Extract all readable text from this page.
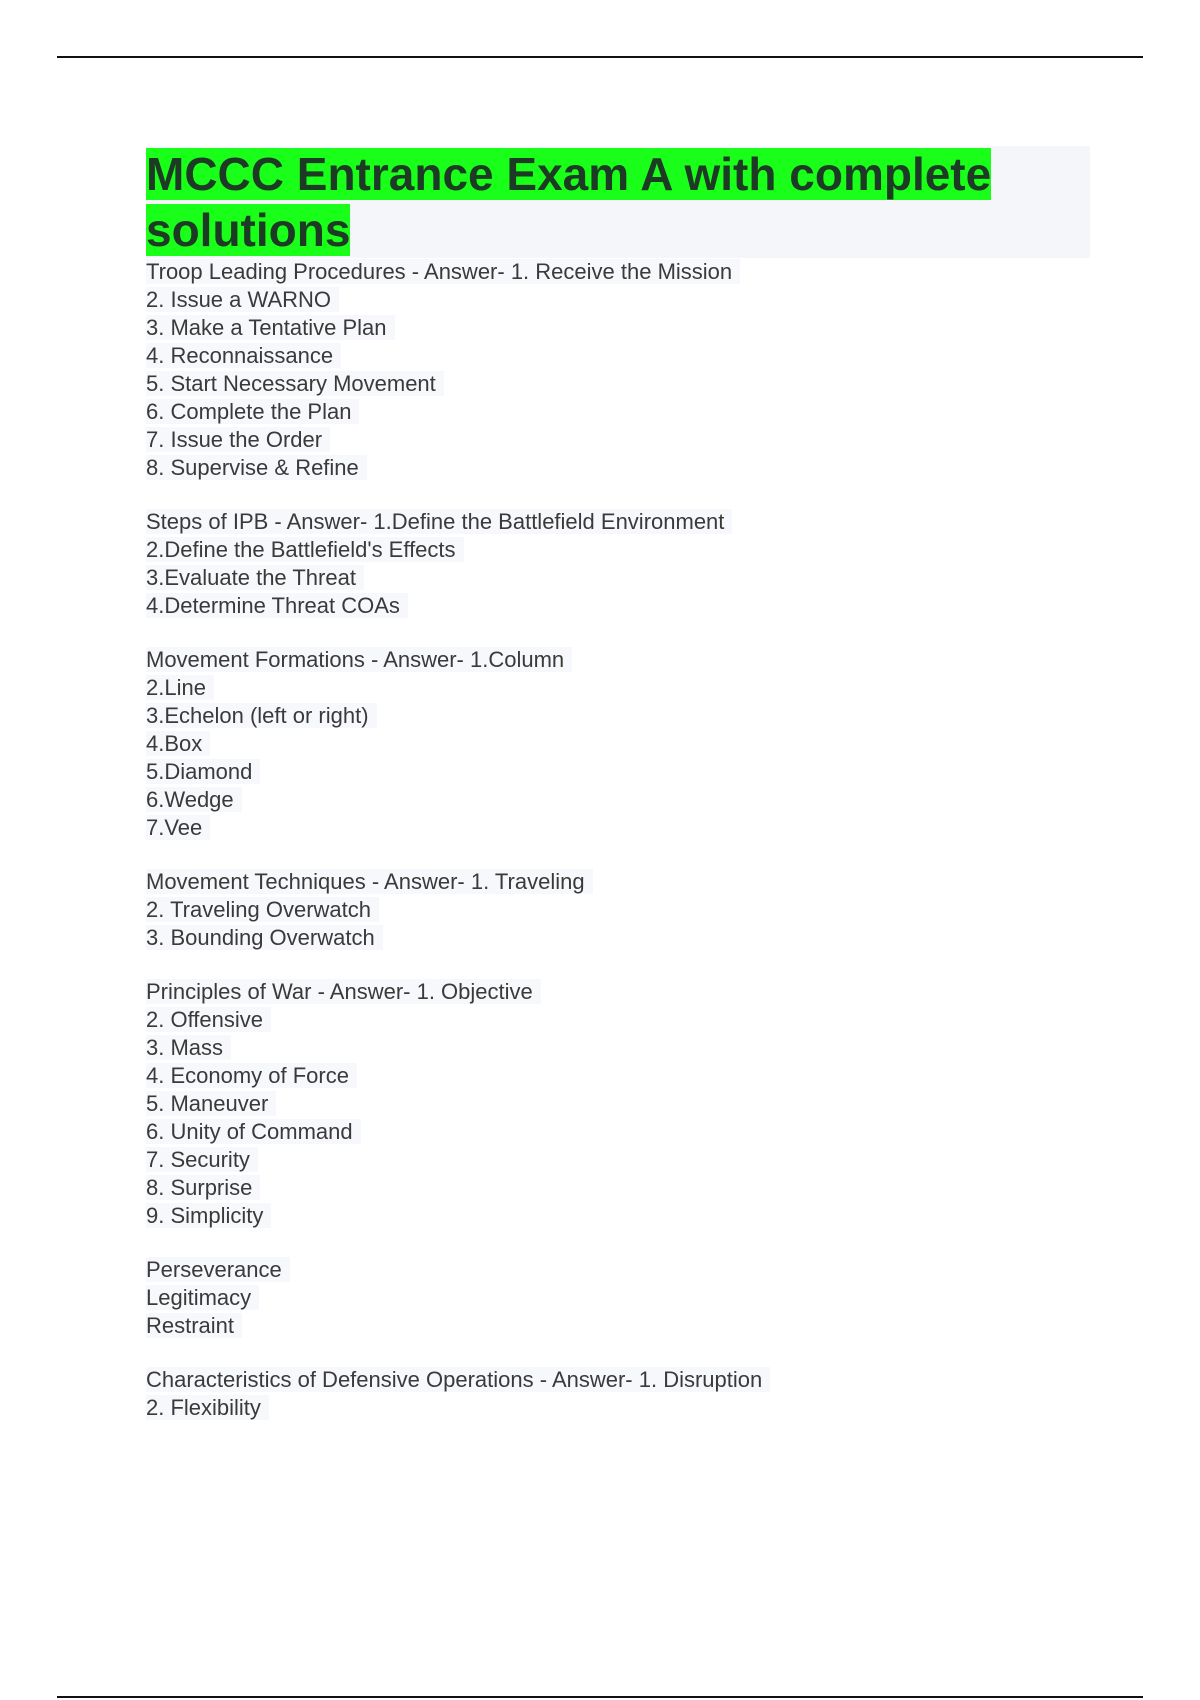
MCCC Entrance Exam A with complete solutions
Troop Leading Procedures - Answer- 1. Receive the Mission
2. Issue a WARNO
3. Make a Tentative Plan
4. Reconnaissance
5. Start Necessary Movement
6. Complete the Plan
7. Issue the Order
8. Supervise & Refine
Steps of IPB - Answer- 1.Define the Battlefield Environment
2.Define the Battlefield's Effects
3.Evaluate the Threat
4.Determine Threat COAs
Movement Formations - Answer- 1.Column
2.Line
3.Echelon (left or right)
4.Box
5.Diamond
6.Wedge
7.Vee
Movement Techniques - Answer- 1. Traveling
2. Traveling Overwatch
3. Bounding Overwatch
Principles of War - Answer- 1. Objective
2. Offensive
3. Mass
4. Economy of Force
5. Maneuver
6. Unity of Command
7. Security
8. Surprise
9. Simplicity
Perseverance
Legitimacy
Restraint
Characteristics of Defensive Operations - Answer- 1. Disruption
2. Flexibility
